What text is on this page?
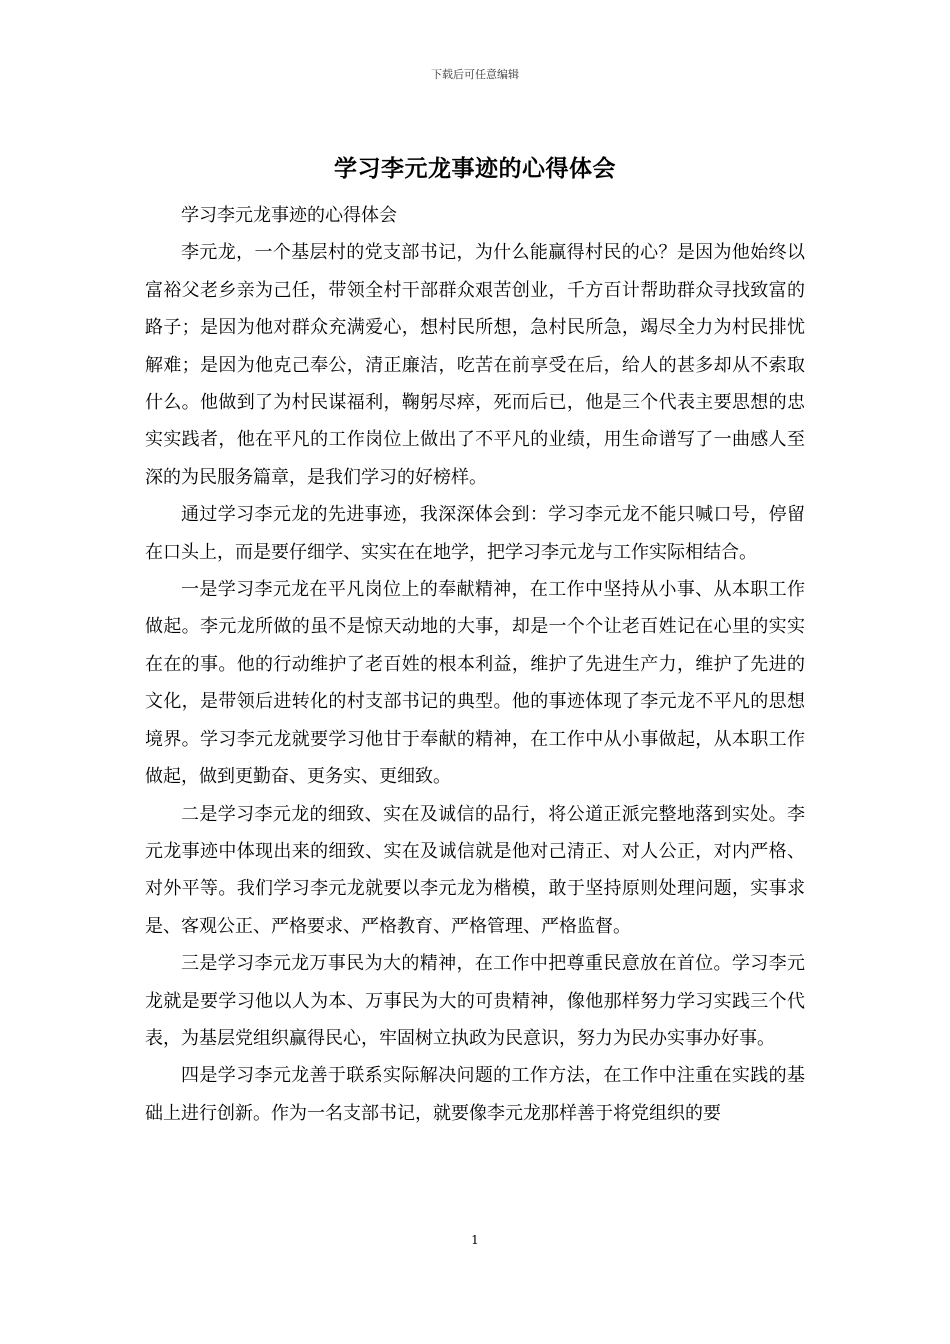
下载后可任意编辑
学习李元龙事迹的心得体会

学习李元龙事迹的心得体会

李元龙，一个基层村的党支部书记，为什么能赢得村民的心？是因为他始终以富裕父老乡亲为己任，带领全村干部群众艰苦创业，千方百计帮助群众寻找致富的路子；是因为他对群众充满爱心，想村民所想，急村民所急，竭尽全力为村民排忧解难；是因为他克己奉公，清正廉洁，吃苦在前享受在后，给人的甚多却从不索取什么。他做到了为村民谋福利，鞠躬尽瘁，死而后已，他是三个代表主要思想的忠实实践者，他在平凡的工作岗位上做出了不平凡的业绩，用生命谱写了一曲感人至深的为民服务篇章，是我们学习的好榜样。

通过学习李元龙的先进事迹，我深深体会到：学习李元龙不能只喊口号，停留在口头上，而是要仔细学、实实在在地学，把学习李元龙与工作实际相结合。

一是学习李元龙在平凡岗位上的奉献精神，在工作中坚持从小事、从本职工作做起。李元龙所做的虽不是惊天动地的大事，却是一个个让老百姓记在心里的实实在在的事。他的行动维护了老百姓的根本利益，维护了先进生产力，维护了先进的文化，是带领后进转化的村支部书记的典型。他的事迹体现了李元龙不平凡的思想境界。学习李元龙就要学习他甘于奉献的精神，在工作中从小事做起，从本职工作做起，做到更勤奋、更务实、更细致。

二是学习李元龙的细致、实在及诚信的品行，将公道正派完整地落到实处。李元龙事迹中体现出来的细致、实在及诚信就是他对己清正、对人公正，对内严格、对外平等。我们学习李元龙就要以李元龙为楷模，敢于坚持原则处理问题，实事求是、客观公正、严格要求、严格教育、严格管理、严格监督。

三是学习李元龙万事民为大的精神，在工作中把尊重民意放在首位。学习李元龙就是要学习他以人为本、万事民为大的可贵精神，像他那样努力学习实践三个代表，为基层党组织赢得民心，牢固树立执政为民意识，努力为民办实事办好事。

四是学习李元龙善于联系实际解决问题的工作方法，在工作中注重在实践的基础上进行创新。作为一名支部书记，就要像李元龙那样善于将党组织的要

1
